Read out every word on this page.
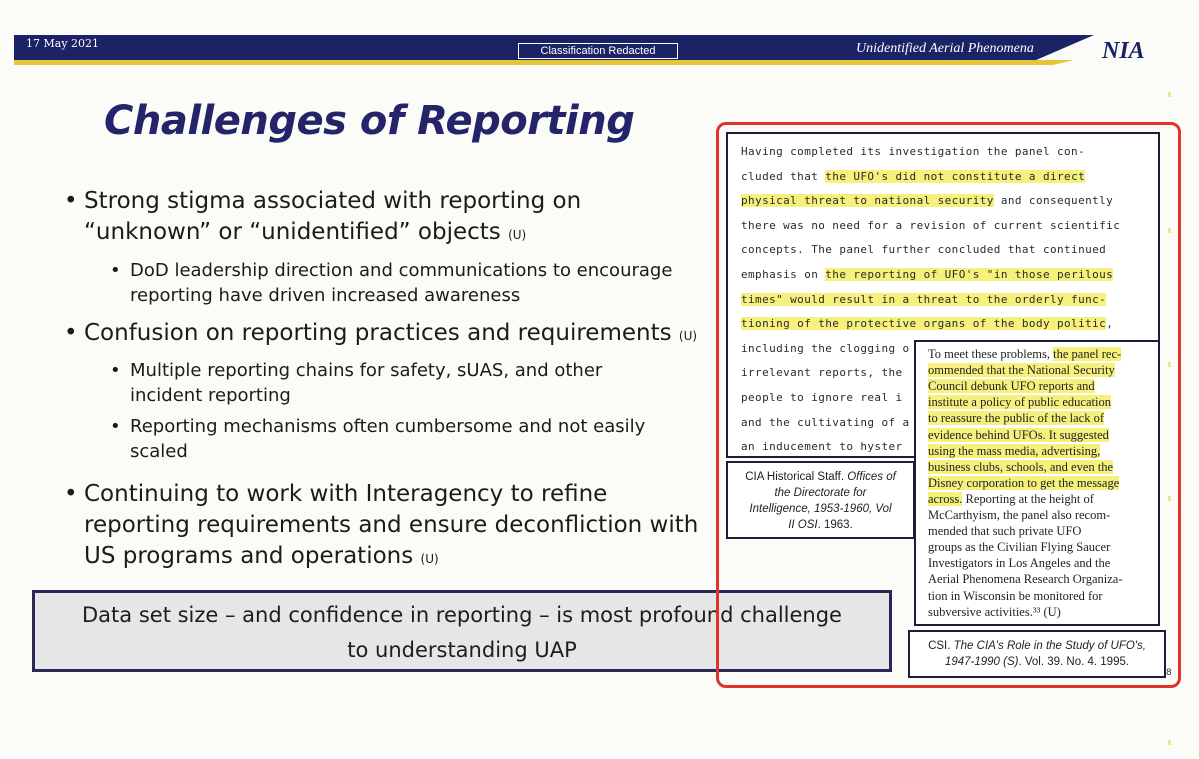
17 May 2021
Classification Redacted	Unidentified Aerial Phenomena	NIA
Challenges of Reporting
• Strong stigma associated with reporting on
“unknown” or “unidentified” objects (U)
• DoD leadership direction and communications to encourage
reporting have driven increased awareness
• Confusion on reporting practices and requirements (U)
• Multiple reporting chains for safety, sUAS, and other
incident reporting
• Reporting mechanisms often cumbersome and not easily
scaled
• Continuing to work with Interagency to refine
reporting requirements and ensure deconfliction with
US programs and operations (U)
Data set size – and confidence in reporting – is most profound challenge
to understanding UAP
Having completed its investigation the panel con-
cluded that the UFO's did not constitute a direct
physical threat to national security and consequently
there was no need for a revision of current scientific
concepts. The panel further concluded that continued
emphasis on the reporting of UFO's "in those perilous
times" would result in a threat to the orderly func-
tioning of the protective organs of the body politic,
including the clogging o
irrelevant reports, the
people to ignore real i
and the cultivating of a
an inducement to hyster
CIA Historical Staff. Offices of
the Directorate for
Intelligence, 1953-1960, Vol
II OSI. 1963.
To meet these problems, the panel rec-
ommended that the National Security
Council debunk UFO reports and
institute a policy of public education
to reassure the public of the lack of
evidence behind UFOs. It suggested
using the mass media, advertising,
business clubs, schools, and even the
Disney corporation to get the message
across. Reporting at the height of
McCarthyism, the panel also recom-
mended that such private UFO
groups as the Civilian Flying Saucer
Investigators in Los Angeles and the
Aerial Phenomena Research Organiza-
tion in Wisconsin be monitored for
subversive activities.³³ (U)
CSI. The CIA's Role in the Study of UFO's,
1947-1990 (S). Vol. 39. No. 4. 1995.
8
